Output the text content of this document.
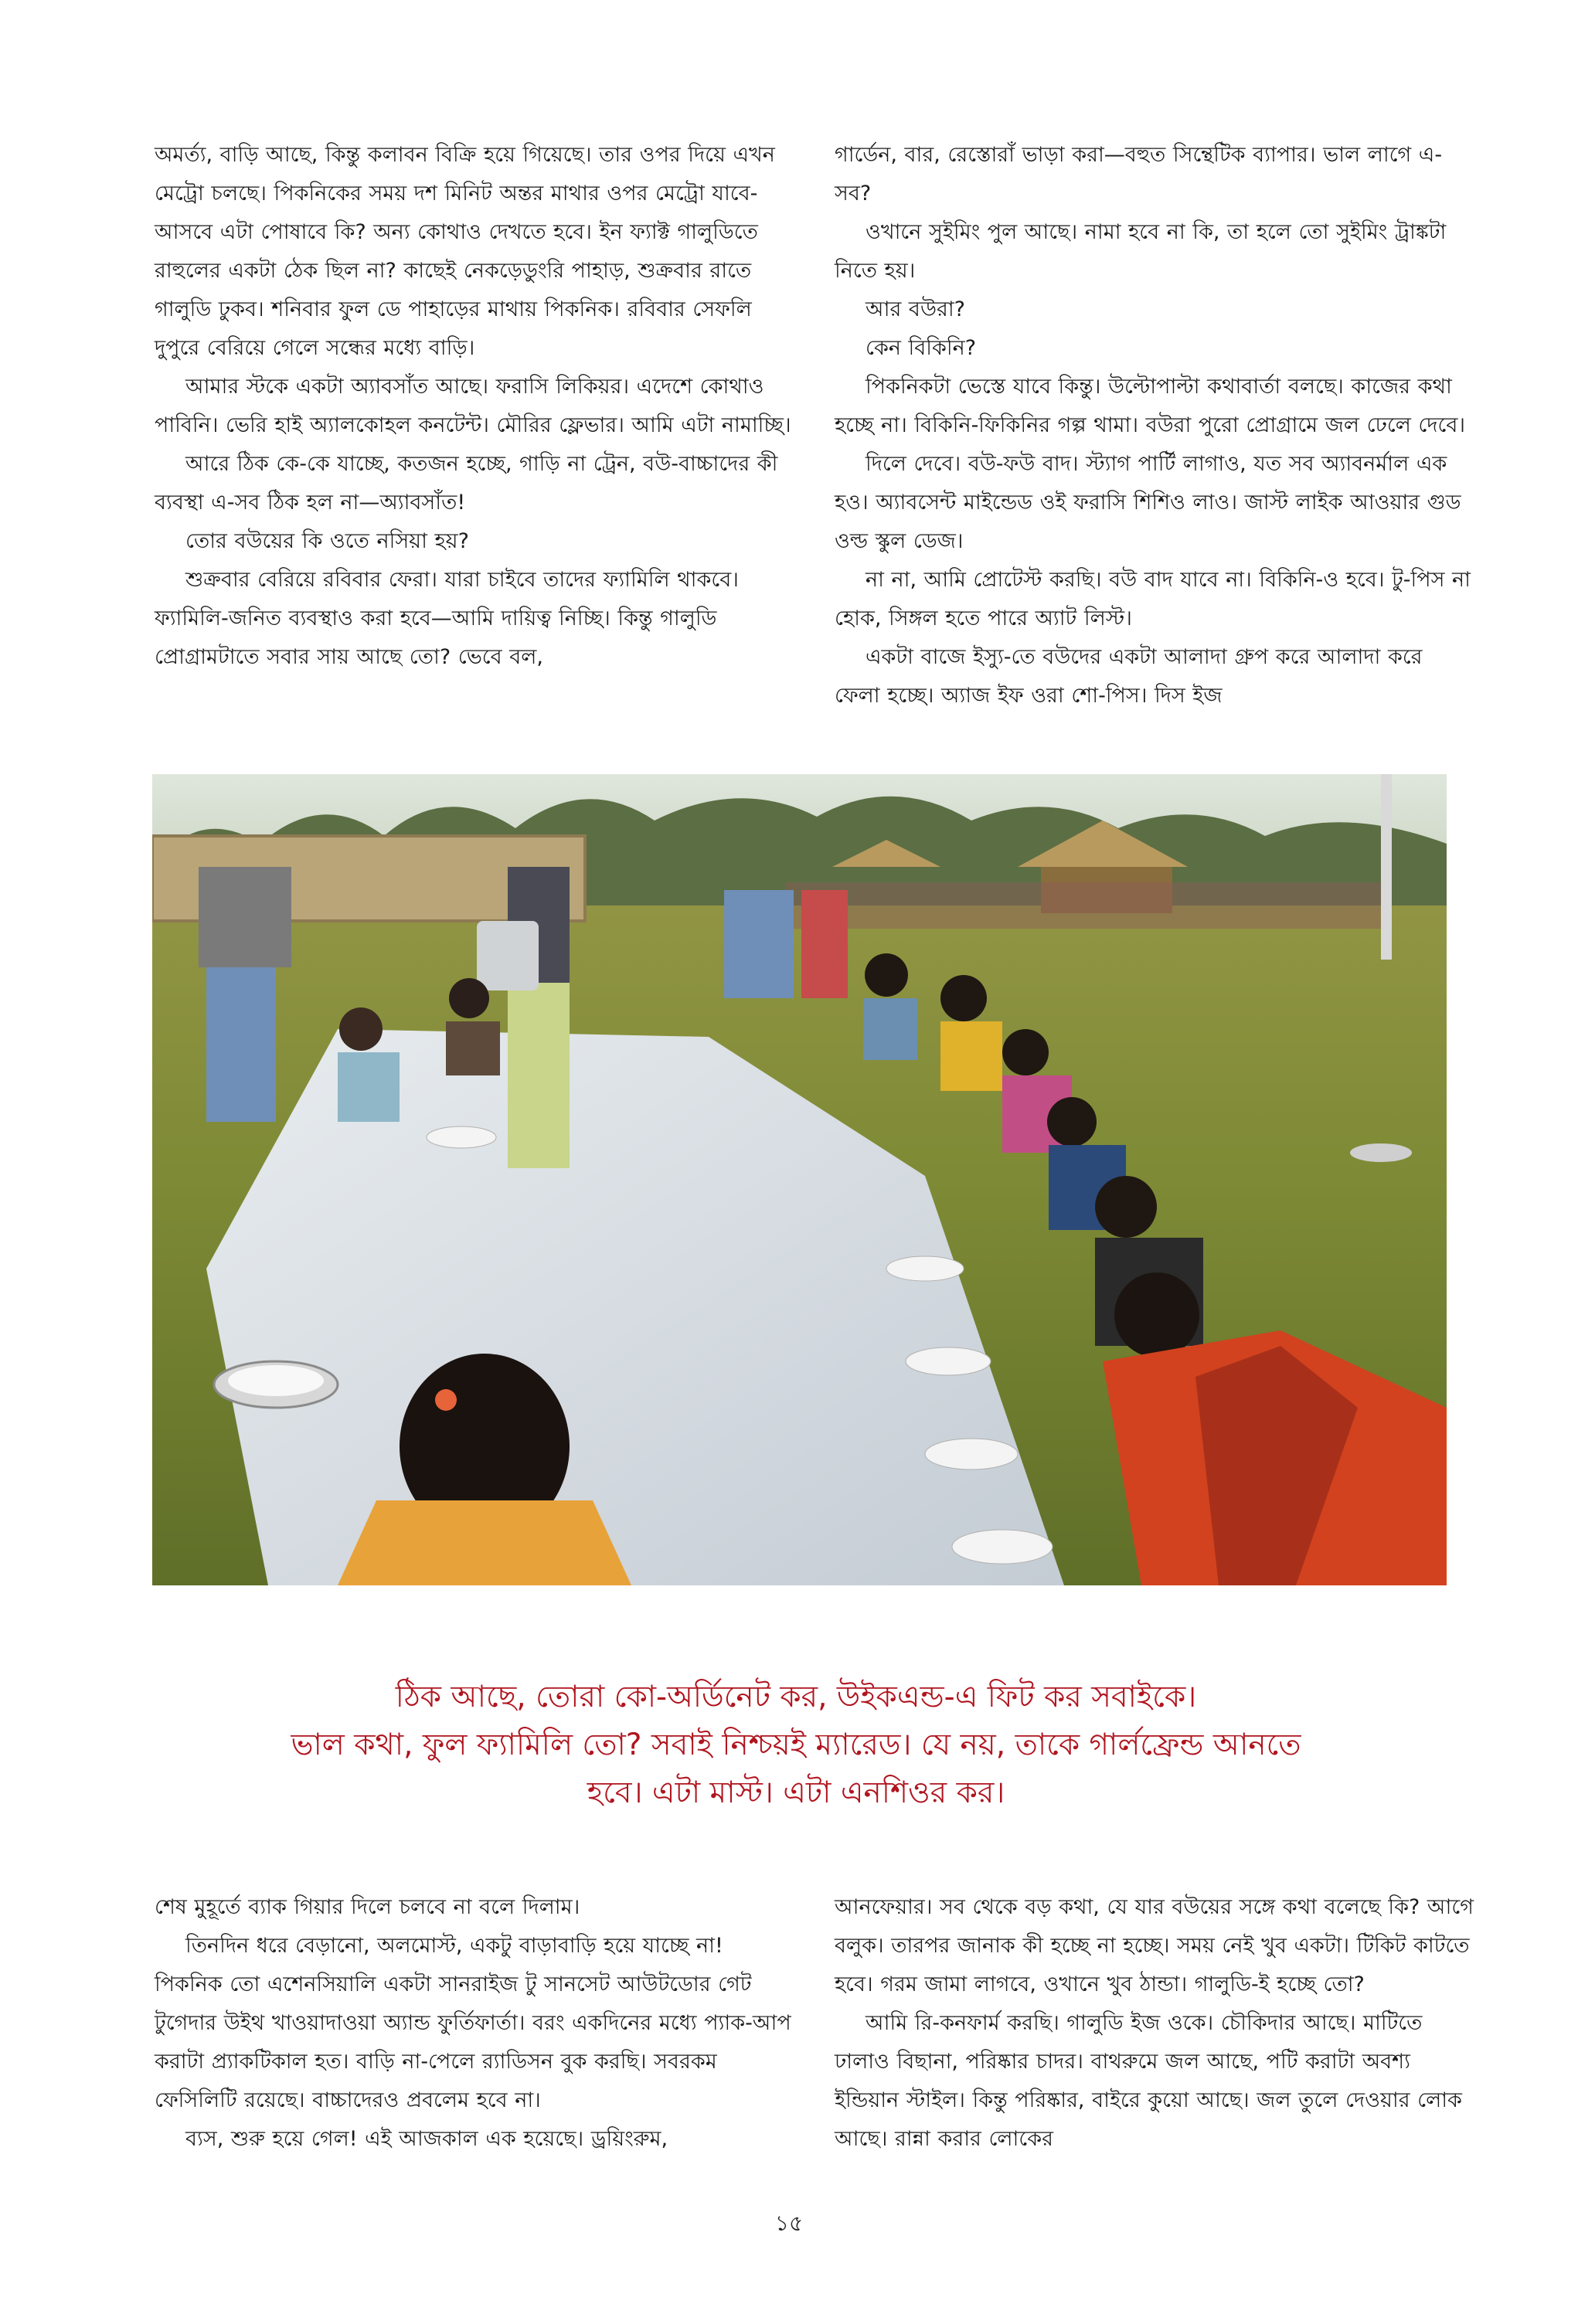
অমর্ত্য, বাড়ি আছে, কিন্তু কলাবন বিক্রি হয়ে গিয়েছে। তার ওপর দিয়ে এখন মেট্রো চলছে। পিকনিকের সময় দশ মিনিট অন্তর মাথার ওপর মেট্রো যাবে-আসবে এটা পোষাবে কি? অন্য কোথাও দেখতে হবে। ইন ফ্যাক্ট গালুডিতে রাহুলের একটা ঠেক ছিল না? কাছেই নেকড়েডুংরি পাহাড়, শুক্রবার রাতে গালুডি ঢুকব। শনিবার ফুল ডে পাহাড়ের মাথায় পিকনিক। রবিবার সেফলি দুপুরে বেরিয়ে গেলে সন্ধের মধ্যে বাড়ি।

আমার স্টকে একটা অ্যাবসাঁত আছে। ফরাসি লিকিয়র। এদেশে কোথাও পাবিনি। ভেরি হাই অ্যালকোহল কনটেন্ট। মৌরির ফ্লেভার। আমি এটা নামাচ্ছি।

আরে ঠিক কে-কে যাচ্ছে, কতজন হচ্ছে, গাড়ি না ট্রেন, বউ-বাচ্চাদের কী ব্যবস্থা এ-সব ঠিক হল না—অ্যাবসাঁত!

তোর বউয়ের কি ওতে নসিয়া হয়?

শুক্রবার বেরিয়ে রবিবার ফেরা। যারা চাইবে তাদের ফ্যামিলি থাকবে। ফ্যামিলি-জনিত ব্যবস্থাও করা হবে—আমি দায়িত্ব নিচ্ছি। কিন্তু গালুডি প্রোগ্রামটাতে সবার সায় আছে তো? ভেবে বল,

গার্ডেন, বার, রেস্তোরাঁ ভাড়া করা—বহুত সিন্থেটিক ব্যাপার। ভাল লাগে এ-সব?

ওখানে সুইমিং পুল আছে। নামা হবে না কি, তা হলে তো সুইমিং ট্রাঙ্কটা নিতে হয়।

আর বউরা?

কেন বিকিনি?

পিকনিকটা ভেস্তে যাবে কিন্তু। উল্টোপাল্টা কথাবার্তা বলছে। কাজের কথা হচ্ছে না। বিকিনি-ফিকিনির গল্প থামা। বউরা পুরো প্রোগ্রামে জল ঢেলে দেবে।

দিলে দেবে। বউ-ফউ বাদ। স্ট্যাগ পার্টি লাগাও, যত সব অ্যাবনর্মাল এক হও। অ্যাবসেন্ট মাইন্ডেড ওই ফরাসি শিশিও লাও। জাস্ট লাইক আওয়ার গুড ওল্ড স্কুল ডেজ।

না না, আমি প্রোটেস্ট করছি। বউ বাদ যাবে না। বিকিনি-ও হবে। টু-পিস না হোক, সিঙ্গল হতে পারে অ্যাট লিস্ট।

একটা বাজে ইস্যু-তে বউদের একটা আলাদা গ্রুপ করে আলাদা করে ফেলা হচ্ছে। অ্যাজ ইফ ওরা শো-পিস। দিস ইজ

ঠিক আছে, তোরা কো-অর্ডিনেট কর, উইকএন্ড-এ ফিট কর সবাইকে।
ভাল কথা, ফুল ফ্যামিলি তো? সবাই নিশ্চয়ই ম্যারেড। যে নয়, তাকে গার্লফ্রেন্ড আনতে
হবে। এটা মাস্ট। এটা এনশিওর কর।

শেষ মুহূর্তে ব্যাক গিয়ার দিলে চলবে না বলে দিলাম।

তিনদিন ধরে বেড়ানো, অলমোস্ট, একটু বাড়াবাড়ি হয়ে যাচ্ছে না! পিকনিক তো এশেনসিয়ালি একটা সানরাইজ টু সানসেট আউটডোর গেট টুগেদার উইথ খাওয়াদাওয়া অ্যান্ড ফুর্তিফার্তা। বরং একদিনের মধ্যে প্যাক-আপ করাটা প্র্যাকটিকাল হত। বাড়ি না-পেলে র‍্যাডিসন বুক করছি। সবরকম ফেসিলিটি রয়েছে। বাচ্চাদেরও প্রবলেম হবে না।

ব্যস, শুরু হয়ে গেল! এই আজকাল এক হয়েছে। ড্রয়িংরুম,

আনফেয়ার। সব থেকে বড় কথা, যে যার বউয়ের সঙ্গে কথা বলেছে কি? আগে বলুক। তারপর জানাক কী হচ্ছে না হচ্ছে। সময় নেই খুব একটা। টিকিট কাটতে হবে। গরম জামা লাগবে, ওখানে খুব ঠান্ডা। গালুডি-ই হচ্ছে তো?

আমি রি-কনফার্ম করছি। গালুডি ইজ ওকে। চৌকিদার আছে। মাটিতে ঢালাও বিছানা, পরিষ্কার চাদর। বাথরুমে জল আছে, পটি করাটা অবশ্য ইন্ডিয়ান স্টাইল। কিন্তু পরিষ্কার, বাইরে কুয়ো আছে। জল তুলে দেওয়ার লোক আছে। রান্না করার লোকের

১৫
